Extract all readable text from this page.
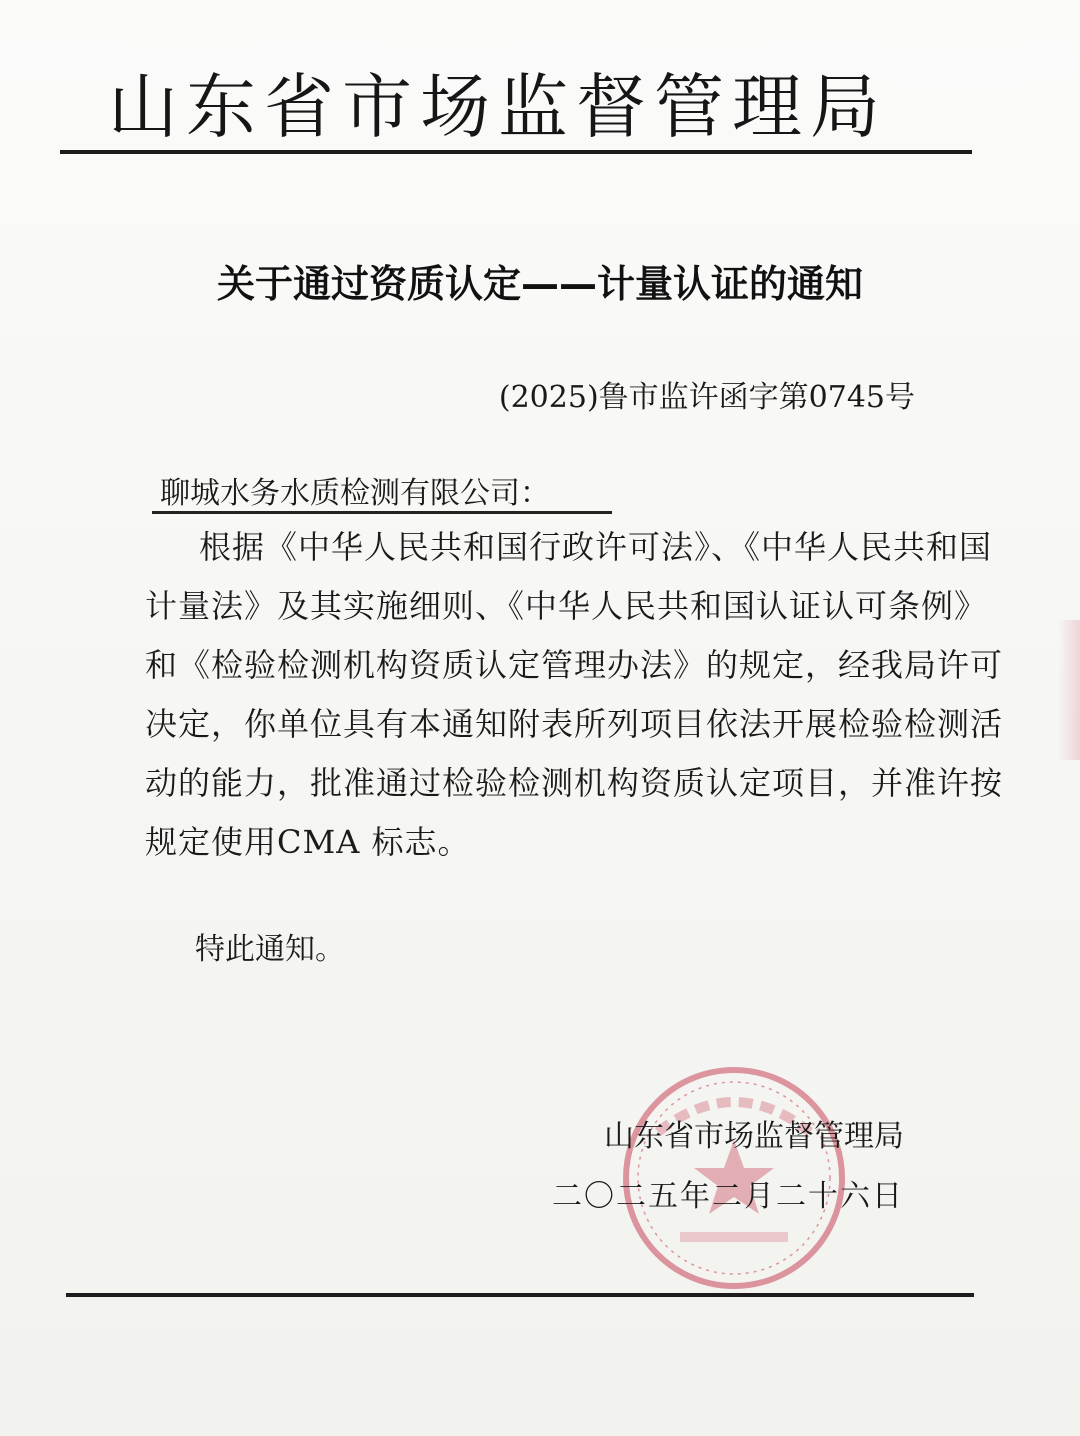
山东省市场监督管理局
关于通过资质认定——计量认证的通知
(2025)鲁市监许函字第0745号
聊城水务水质检测有限公司：
根据《中华人民共和国行政许可法》、《中华人民共和国
计量法》及其实施细则、《中华人民共和国认证认可条例》
和《检验检测机构资质认定管理办法》的规定，经我局许可
决定，你单位具有本通知附表所列项目依法开展检验检测活
动的能力，批准通过检验检测机构资质认定项目，并准许按
规定使用CMA 标志。
特此通知。
山东省市场监督管理局
二〇二五年二月二十六日
